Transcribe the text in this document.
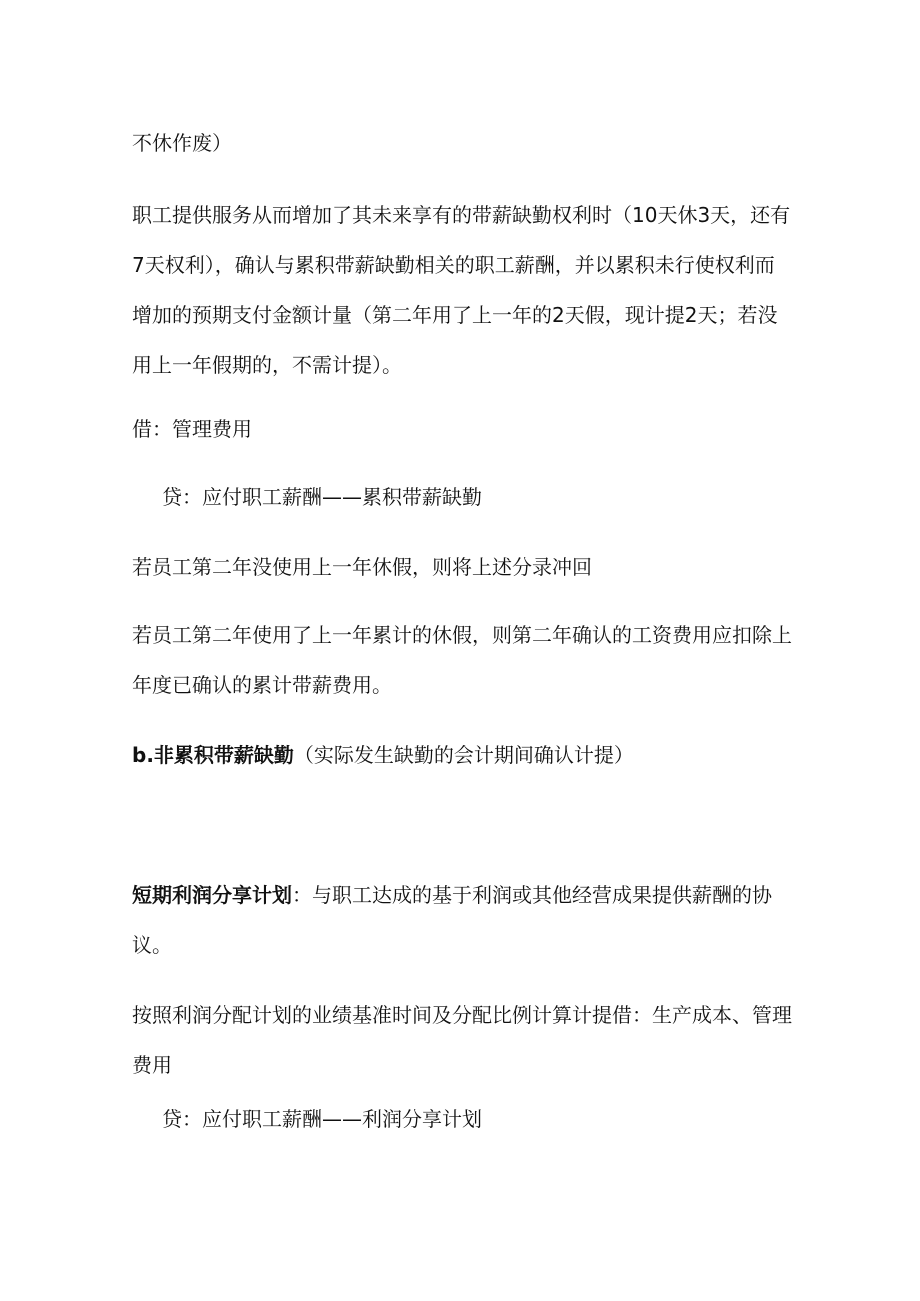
不休作废）

职工提供服务从而增加了其未来享有的带薪缺勤权利时（10天休3天，还有7天权利），确认与累积带薪缺勤相关的职工薪酬，并以累积未行使权利而增加的预期支付金额计量（第二年用了上一年的2天假，现计提2天；若没用上一年假期的，不需计提）。

借：管理费用

贷：应付职工薪酬——累积带薪缺勤

若员工第二年没使用上一年休假，则将上述分录冲回

若员工第二年使用了上一年累计的休假，则第二年确认的工资费用应扣除上年度已确认的累计带薪费用。

b.非累积带薪缺勤（实际发生缺勤的会计期间确认计提）

短期利润分享计划：与职工达成的基于利润或其他经营成果提供薪酬的协议。

按照利润分配计划的业绩基准时间及分配比例计算计提借：生产成本、管理费用

贷：应付职工薪酬——利润分享计划
